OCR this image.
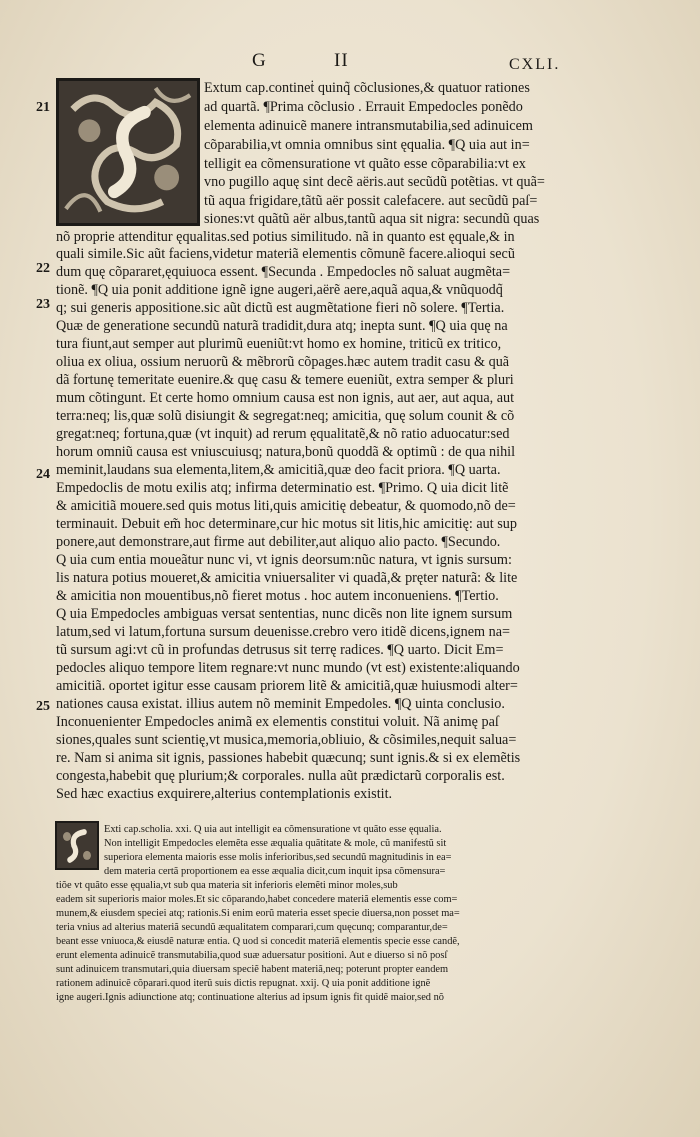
G	II	CXLI.
21
22
23
24
25
Extum cap.contineṫ quinq̃ cõclusiones,& quatuor rationes
ad quartã. ¶Prima cõclusio . Errauit Empedocles ponẽdo
elementa adinuicẽ manere intransmutabilia,sed adinuicem
cõparabilia,vt omnia omnibus sint ęqualia. ¶Q uia aut in=
telligit ea cõmensuratione vt quãto esse cõparabilia:vt ex
vno pugillo aquę sint decẽ aëris.aut secũdũ potẽtias. vt quã=
tũ aqua frigidare,tãtũ aër possit calefacere. aut secũdũ paſ=
siones:vt quãtũ aër albus,tantũ aqua sit nigra: secundũ quas
nõ proprie attenditur ęqualitas.sed potius similitudo. nã in quanto est ęquale,& in
quali simile.Sic aũt faciens,videtur materiã elementis cõmunẽ facere.alioqui secũ
dum quę cõpararet,ęquiuoca essent. ¶Secunda . Empedocles nõ saluat augmẽta=
tionẽ. ¶Q uia ponit additione ignẽ igne augeri,aërẽ aere,aquã aqua,& vnũquodq̃
q; sui generis appositione.sic aũt dictũ est augmẽtatione fieri nõ solere. ¶Tertia.
Quæ de generatione secundũ naturã tradidit,dura atq; inepta sunt. ¶Q uia quę na
tura fiunt,aut semper aut plurimũ eueniũt:vt homo ex homine, triticũ ex tritico,
oliua ex oliua, ossium neruorũ & mẽbrorũ cõpages.hæc autem tradit casu & quã
dã fortunę temeritate euenire.& quę casu & temere eueniũt, extra semper & pluri
mum cõtingunt. Et certe homo omnium causa est non ignis, aut aer, aut aqua, aut
terra:neq; lis,quæ solũ disiungit & segregat:neq; amicitia, quę solum counit & cõ
gregat:neq; fortuna,quæ (vt inquit) ad rerum ęqualitatẽ,& nõ ratio aduocatur:sed
horum omniũ causa est vniuscuiusq; natura,bonũ quoddã & optimũ : de qua nihil
meminit,laudans sua elementa,litem,& amicitiã,quæ deo facit priora. ¶Q uarta.
Empedoclis de motu exilis atq; infirma determinatio est. ¶Primo. Q uia dicit litẽ
& amicitiã mouere.sed quis motus liti,quis amicitię debeatur, & quomodo,nõ de=
terminauit. Debuit em̃ hoc determinare,cur hic motus sit litis,hic amicitię: aut sup
ponere,aut demonstrare,aut firme aut debiliter,aut aliquo alio pacto. ¶Secundo.
Q uia cum entia moueãtur nunc vi, vt ignis deorsum:nũc natura, vt ignis sursum:
lis natura potius moueret,& amicitia vniuersaliter vi quadã,& pręter naturã: & lite
& amicitia non mouentibus,nõ fieret motus . hoc autem inconueniens. ¶Tertio.
Q uia Empedocles ambiguas versat sententias, nunc dicẽs non lite ignem sursum
latum,sed vi latum,fortuna sursum deuenisse.crebro vero itidẽ dicens,ignem na=
tũ sursum agi:vt cũ in profundas detrusus sit terrę radices. ¶Q uarto. Dicit Em=
pedocles aliquo tempore litem regnare:vt nunc mundo (vt est) existente:aliquando
amicitiã. oportet igitur esse causam priorem litẽ & amicitiã,quæ huiusmodi alter=
nationes causa existat. illius autem nõ meminit Empedoles. ¶Q uinta conclusio.
Inconuenienter Empedocles animã ex elementis constitui voluit. Nã animę paſ
siones,quales sunt scientię,vt musica,memoria,obliuio, & cõsimiles,nequit salua=
re. Nam si anima sit ignis, passiones habebit quæcunq; sunt ignis.& si ex elemẽtis
congesta,habebit quę plurium;& corporales. nulla aũt prædictarũ corporalis est.
Sed hæc exactius exquirere,alterius contemplationis existit.
Exti cap.scholia. xxi. Q uia aut intelligit ea cõmensuratione vt quãto esse ęqualia.
Non intelligit Empedocles elemẽta esse æqualia quãtitate & mole, cũ manifestũ sit
superiora elementa maioris esse molis inferioribus,sed secundũ magnitudinis in ea=
dem materia certã proportionem ea esse æqualia dicit,cum inquit ipsa cõmensura=
tiõe vt quãto esse ęqualia,vt sub qua materia sit inferioris elemẽti minor moles,sub
eadem sit superioris maior moles.Et sic cõparando,habet concedere materiã elementis esse com=
munem,& eiusdem speciei atq; rationis.Si enim eorũ materia esset specie diuersa,non posset ma=
teria vnius ad alterius materiã secundũ æqualitatem comparari,cum quęcunq; comparantur,de=
beant esse vniuoca,& eiusdẽ naturæ entia. Q uod si concedit materiã elementis specie esse candẽ,
erunt elementa adinuicẽ transmutabilia,quod suæ aduersatur positioni. Aut e diuerso si nõ posſ
sunt adinuicem transmutari,quia diuersam speciẽ habent materiã,neq; poterunt propter eandem
rationem adinuicẽ cõparari.quod iterũ suis dictis repugnat. xxij. Q uia ponit additione ignẽ
igne augeri.Ignis adiunctione atq; continuatione alterius ad ipsum ignis fit quidẽ maior,sed nõ
